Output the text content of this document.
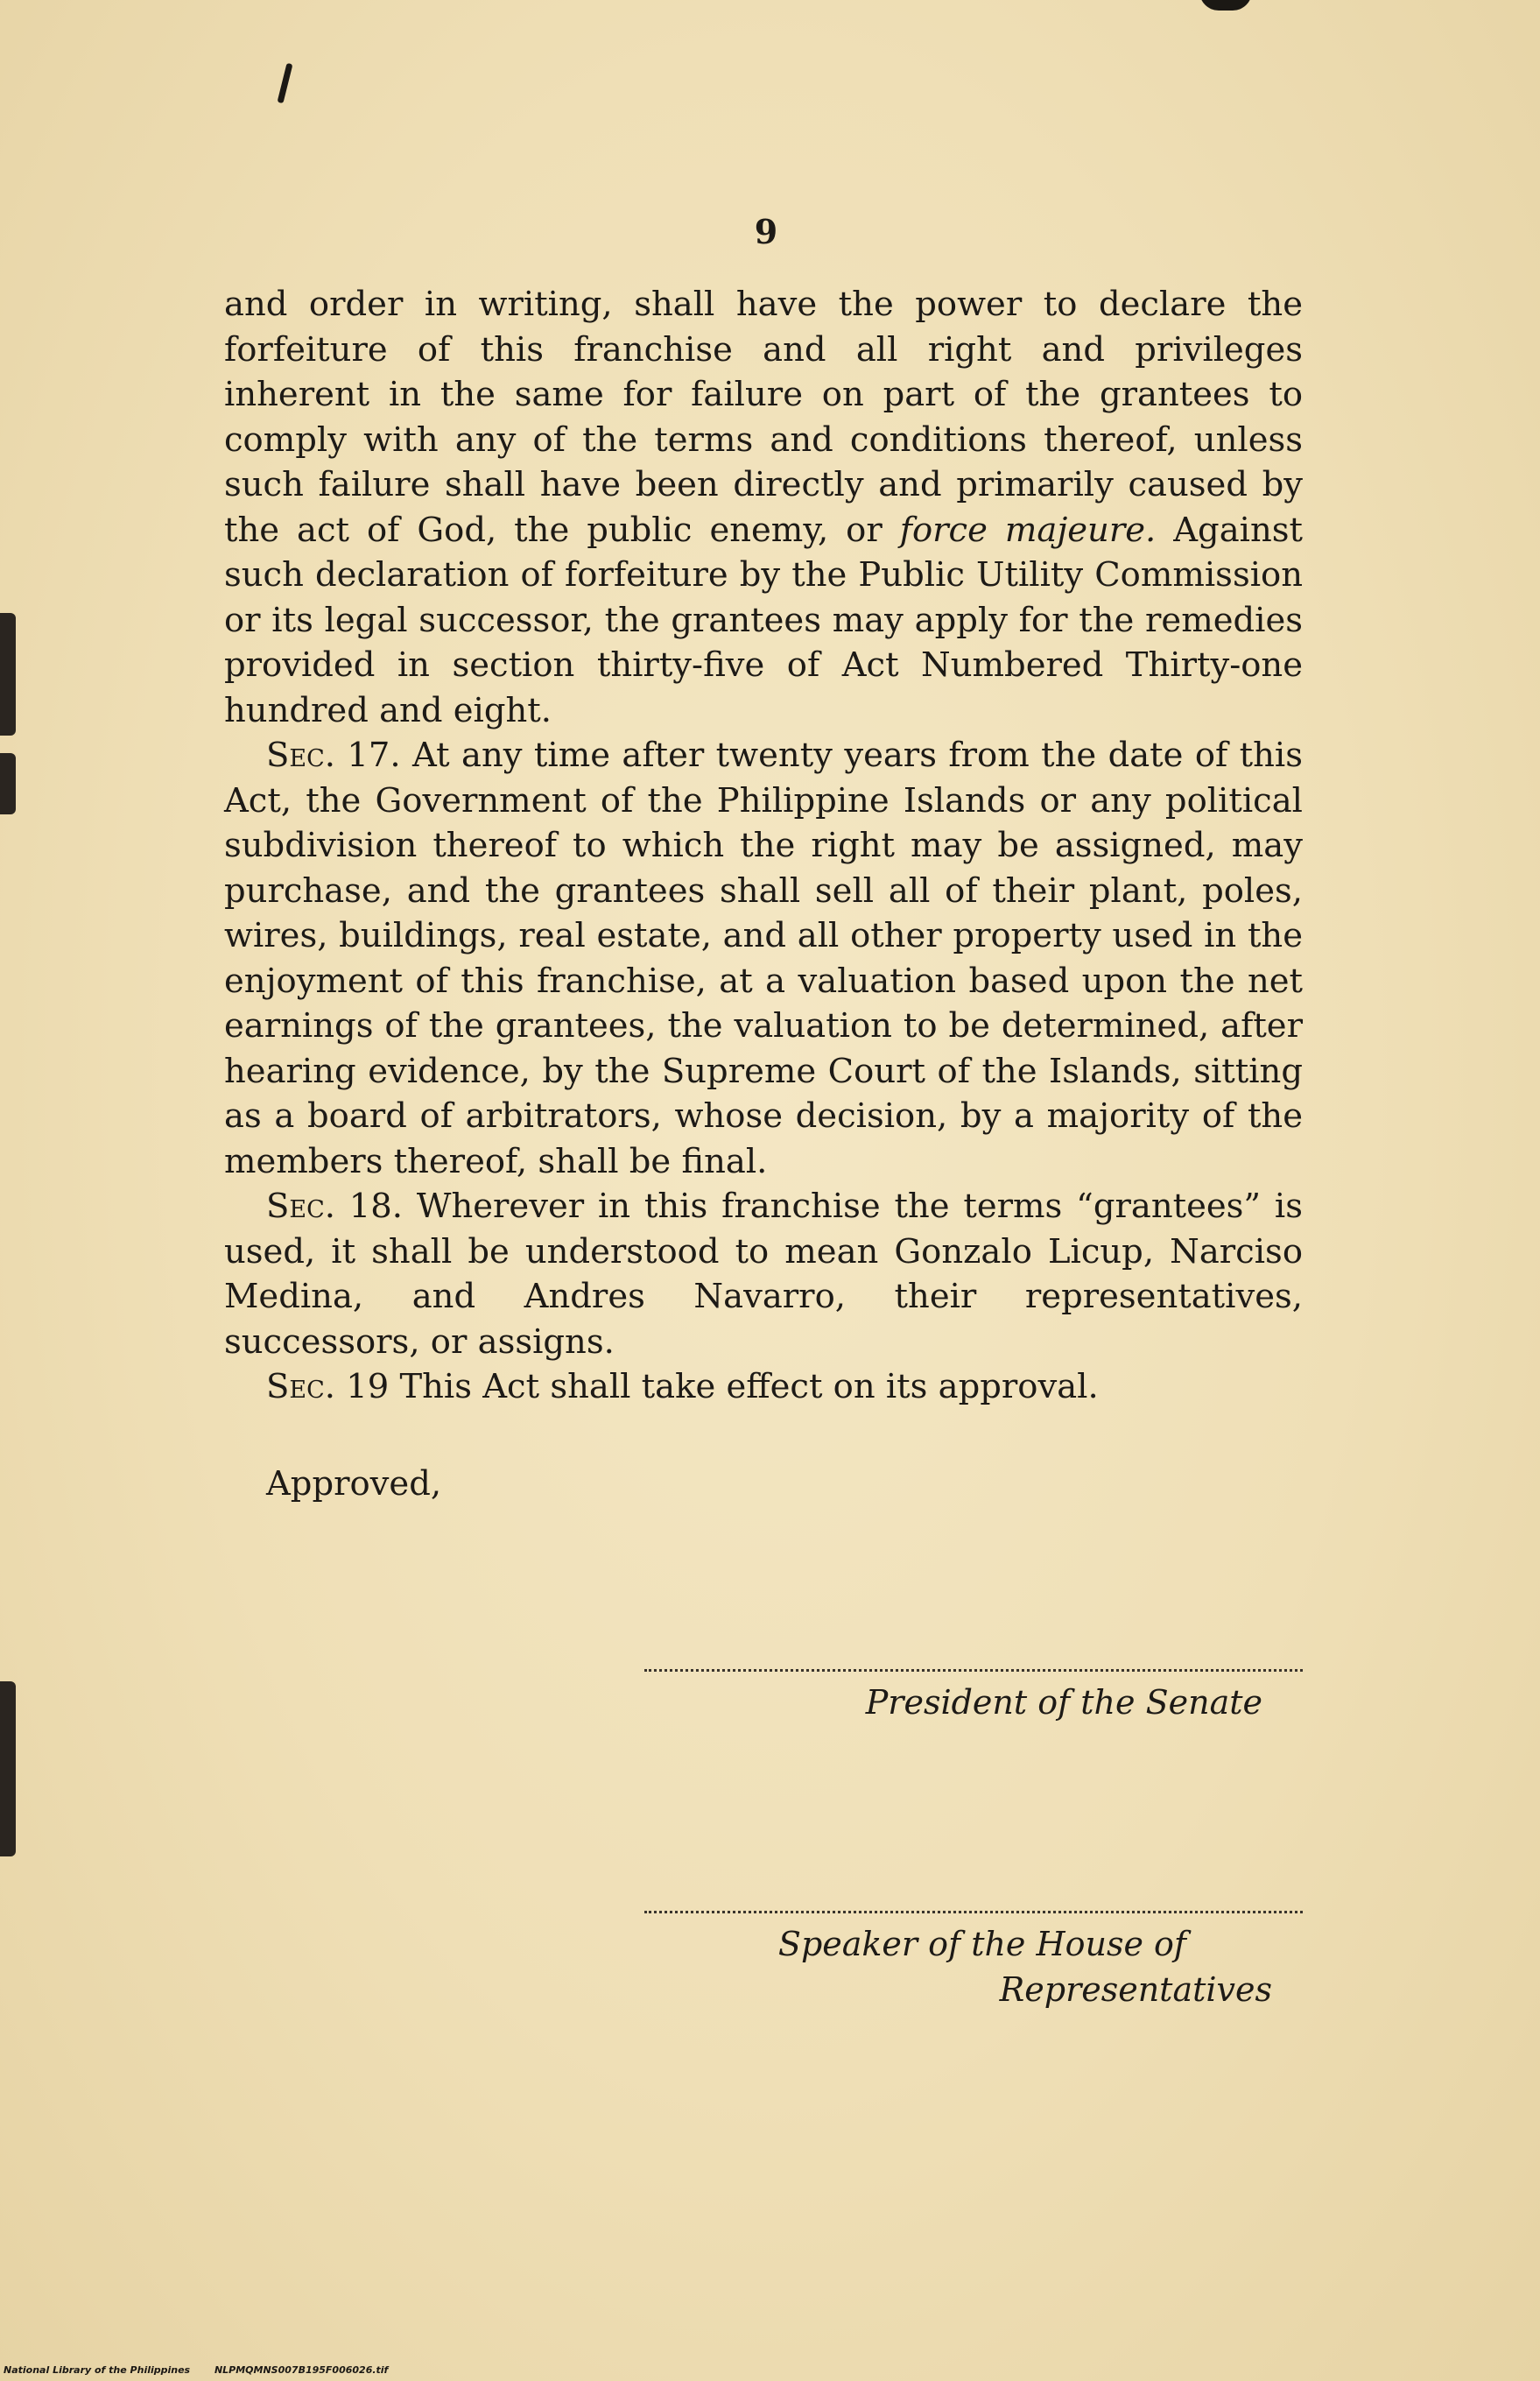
9

and order in writing, shall have the power to declare the forfeiture of this franchise and all right and privileges inherent in the same for failure on part of the grantees to comply with any of the terms and conditions thereof, unless such failure shall have been directly and primarily caused by the act of God, the public enemy, or force majeure. Against such declaration of forfeiture by the Public Utility Commission or its legal successor, the grantees may apply for the remedies provided in section thirty-five of Act Numbered Thirty-one hundred and eight.

Sec. 17. At any time after twenty years from the date of this Act, the Government of the Philippine Islands or any political subdivision thereof to which the right may be assigned, may purchase, and the grantees shall sell all of their plant, poles, wires, buildings, real estate, and all other property used in the enjoyment of this franchise, at a valuation based upon the net earnings of the grantees, the valuation to be determined, after hearing evidence, by the Supreme Court of the Islands, sitting as a board of arbitrators, whose decision, by a majority of the members thereof, shall be final.

Sec. 18. Wherever in this franchise the terms “grantees” is used, it shall be understood to mean Gonzalo Licup, Narciso Medina, and Andres Navarro, their representatives, successors, or assigns.

Sec. 19 This Act shall take effect on its approval.

Approved,
President of the Senate
Speaker of the House of
Representatives
National Library of the Philippines	NLPMQMNS007B195F006026.tif
